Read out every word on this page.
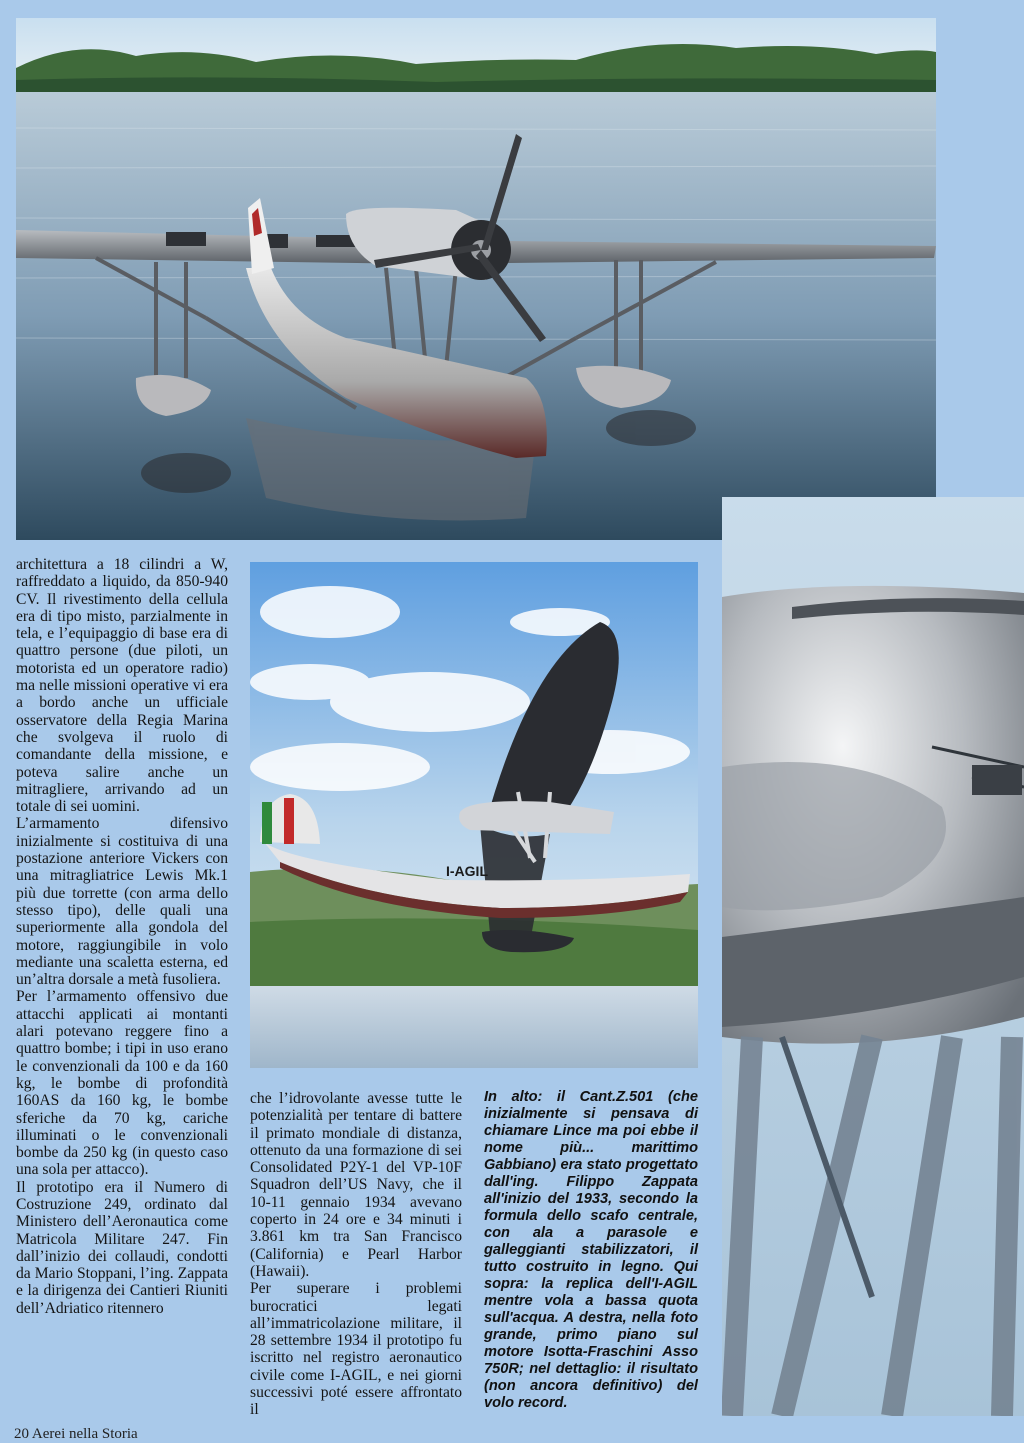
I-AGIL

architettura a 18 cilindri a W, raffreddato a liquido, da 850-940 CV. Il rivestimento della cellula era di tipo misto, parzialmente in tela, e l’equipaggio di base era di quattro persone (due piloti, un motorista ed un operatore radio) ma nelle missioni operative vi era a bordo anche un ufficiale osservatore della Regia Marina che svolgeva il ruolo di comandante della missione, e poteva salire anche un mitragliere, arrivando ad un totale di sei uomini.

L’armamento difensivo inizialmente si costituiva di una postazione anteriore Vickers con una mitragliatrice Lewis Mk.1 più due torrette (con arma dello stesso tipo), delle quali una superiormente alla gondola del motore, raggiungibile in volo mediante una scaletta esterna, ed un’altra dorsale a metà fusoliera.

Per l’armamento offensivo due attacchi applicati ai montanti alari potevano reggere fino a quattro bombe; i tipi in uso erano le convenzionali da 100 e da 160 kg, le bombe di profondità 160AS da 160 kg, le bombe sferiche da 70 kg, cariche illuminati o le convenzionali bombe da 250 kg (in questo caso una sola per attacco).

Il prototipo era il Numero di Costruzione 249, ordinato dal Ministero dell’Aeronautica come Matricola Militare 247. Fin dall’inizio dei collaudi, condotti da Mario Stoppani, l’ing. Zappata e la dirigenza dei Cantieri Riuniti dell’Adriatico ritennero

che l’idrovolante avesse tutte le potenzialità per tentare di battere il primato mondiale di distanza, ottenuto da una formazione di sei Consolidated P2Y-1 del VP-10F Squadron dell’US Navy, che il 10-11 gennaio 1934 avevano coperto in 24 ore e 34 minuti i 3.861 km tra San Francisco (California) e Pearl Harbor (Hawaii).

Per superare i problemi burocratici legati all’immatricolazione militare, il 28 settembre 1934 il prototipo fu iscritto nel registro aeronautico civile come I-AGIL, e nei giorni successivi poté essere affrontato il

In alto: il Cant.Z.501 (che inizialmente si pensava di chiamare Lince ma poi ebbe il nome più... marittimo Gabbiano) era stato progettato dall'ing. Filippo Zappata all'inizio del 1933, secondo la formula dello scafo centrale, con ala a parasole e galleggianti stabilizzatori, il tutto costruito in legno. Qui sopra: la replica dell'I-AGIL mentre vola a bassa quota sull'acqua. A destra, nella foto grande, primo piano sul motore Isotta-Fraschini Asso 750R; nel dettaglio: il risultato (non ancora definitivo) del volo record.
20 Aerei nella Storia
